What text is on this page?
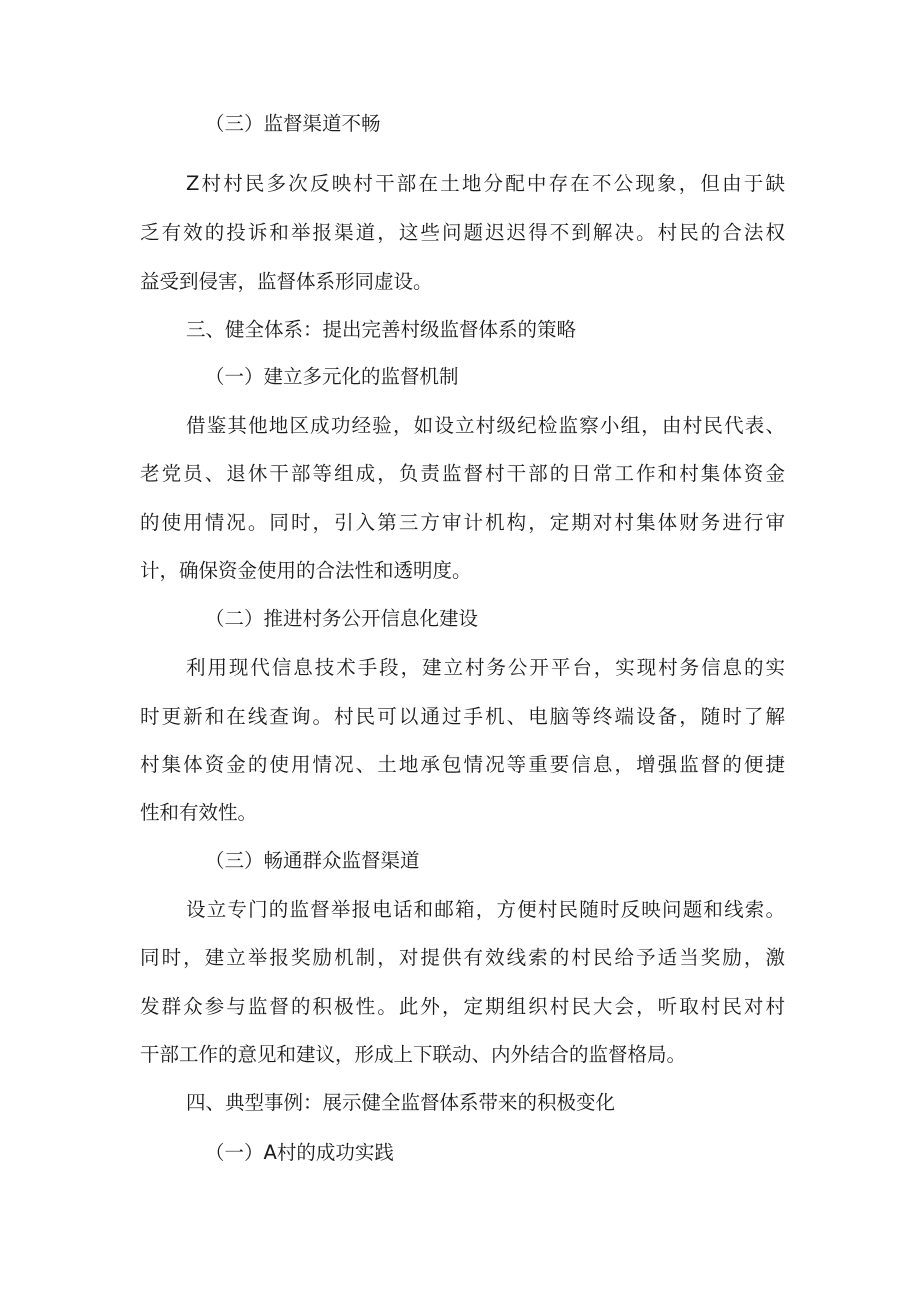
（三）监督渠道不畅
Z村村民多次反映村干部在土地分配中存在不公现象，但由于缺
乏有效的投诉和举报渠道，这些问题迟迟得不到解决。村民的合法权
益受到侵害，监督体系形同虚设。
三、健全体系：提出完善村级监督体系的策略
（一）建立多元化的监督机制
借鉴其他地区成功经验，如设立村级纪检监察小组，由村民代表、
老党员、退休干部等组成，负责监督村干部的日常工作和村集体资金
的使用情况。同时，引入第三方审计机构，定期对村集体财务进行审
计，确保资金使用的合法性和透明度。
（二）推进村务公开信息化建设
利用现代信息技术手段，建立村务公开平台，实现村务信息的实
时更新和在线查询。村民可以通过手机、电脑等终端设备，随时了解
村集体资金的使用情况、土地承包情况等重要信息，增强监督的便捷
性和有效性。
（三）畅通群众监督渠道
设立专门的监督举报电话和邮箱，方便村民随时反映问题和线索。
同时，建立举报奖励机制，对提供有效线索的村民给予适当奖励，激
发群众参与监督的积极性。此外，定期组织村民大会，听取村民对村
干部工作的意见和建议，形成上下联动、内外结合的监督格局。
四、典型事例：展示健全监督体系带来的积极变化
（一）A村的成功实践
